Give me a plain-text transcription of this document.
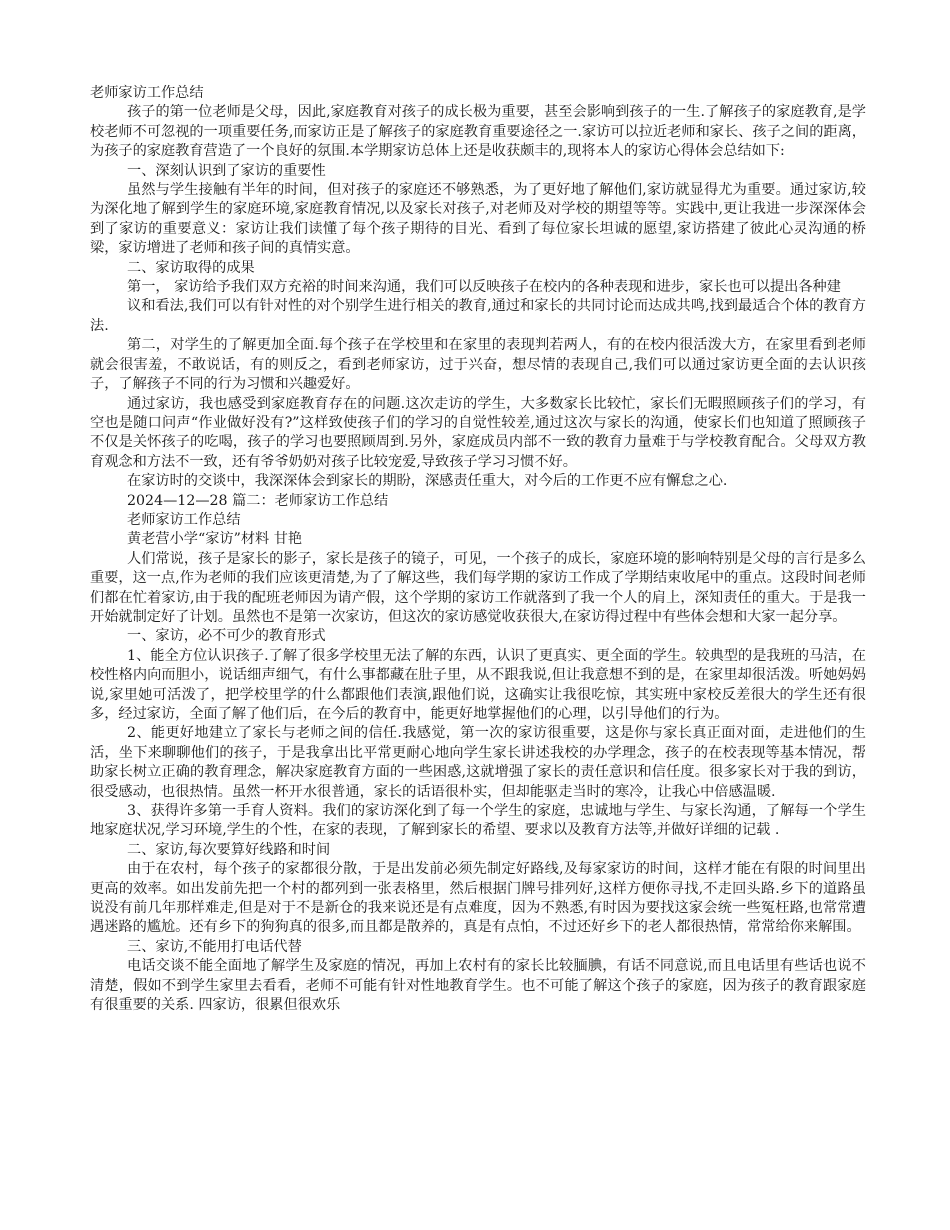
老师家访工作总结

孩子的第一位老师是父母，因此,家庭教育对孩子的成长极为重要，甚至会影响到孩子的一生.了解孩子的家庭教育,是学校老师不可忽视的一项重要任务,而家访正是了解孩子的家庭教育重要途径之一.家访可以拉近老师和家长、孩子之间的距离，为孩子的家庭教育营造了一个良好的氛围.本学期家访总体上还是收获颇丰的,现将本人的家访心得体会总结如下:

一、深刻认识到了家访的重要性

虽然与学生接触有半年的时间，但对孩子的家庭还不够熟悉，为了更好地了解他们,家访就显得尤为重要。通过家访,较为深化地了解到学生的家庭环境,家庭教育情况,以及家长对孩子,对老师及对学校的期望等等。实践中,更让我进一步深深体会到了家访的重要意义：家访让我们读懂了每个孩子期待的目光、看到了每位家长坦诚的愿望,家访搭建了彼此心灵沟通的桥梁，家访增进了老师和孩子间的真情实意。

二、家访取得的成果

第一， 家访给予我们双方充裕的时间来沟通，我们可以反映孩子在校内的各种表现和进步，家长也可以提出各种建

议和看法,我们可以有针对性的对个别学生进行相关的教育,通过和家长的共同讨论而达成共鸣,找到最适合个体的教育方法.

第二，对学生的了解更加全面.每个孩子在学校里和在家里的表现判若两人，有的在校内很活泼大方，在家里看到老师就会很害羞，不敢说话，有的则反之，看到老师家访，过于兴奋，想尽情的表现自己,我们可以通过家访更全面的去认识孩子，了解孩子不同的行为习惯和兴趣爱好。

通过家访，我也感受到家庭教育存在的问题.这次走访的学生，大多数家长比较忙，家长们无暇照顾孩子们的学习，有空也是随口问声“作业做好没有?”这样致使孩子们的学习的自觉性较差,通过这次与家长的沟通，使家长们也知道了照顾孩子不仅是关怀孩子的吃喝，孩子的学习也要照顾周到.另外，家庭成员内部不一致的教育力量难于与学校教育配合。父母双方教育观念和方法不一致，还有爷爷奶奶对孩子比较宠爱,导致孩子学习习惯不好。

在家访时的交谈中，我深深体会到家长的期盼，深感责任重大，对今后的工作更不应有懈怠之心.

2024—12—28 篇二：老师家访工作总结

老师家访工作总结

黄老营小学“家访”材料 甘艳

人们常说，孩子是家长的影子，家长是孩子的镜子，可见，一个孩子的成长，家庭环境的影响特别是父母的言行是多么重要，这一点,作为老师的我们应该更清楚,为了了解这些，我们每学期的家访工作成了学期结束收尾中的重点。这段时间老师们都在忙着家访,由于我的配班老师因为请产假，这个学期的家访工作就落到了我一个人的肩上，深知责任的重大。于是我一开始就制定好了计划。虽然也不是第一次家访，但这次的家访感觉收获很大,在家访得过程中有些体会想和大家一起分享。

一、家访，必不可少的教育形式

1、能全方位认识孩子.了解了很多学校里无法了解的东西，认识了更真实、更全面的学生。较典型的是我班的马洁，在校性格内向而胆小，说话细声细气，有什么事都藏在肚子里，从不跟我说,但让我意想不到的是，在家里却很活泼。听她妈妈说,家里她可活泼了，把学校里学的什么都跟他们表演,跟他们说，这确实让我很吃惊，其实班中家校反差很大的学生还有很多，经过家访，全面了解了他们后，在今后的教育中，能更好地掌握他们的心理，以引导他们的行为。

2、能更好地建立了家长与老师之间的信任.我感觉，第一次的家访很重要，这是你与家长真正面对面，走进他们的生活，坐下来聊聊他们的孩子，于是我拿出比平常更耐心地向学生家长讲述我校的办学理念，孩子的在校表现等基本情况，帮助家长树立正确的教育理念，解决家庭教育方面的一些困惑,这就增强了家长的责任意识和信任度。很多家长对于我的到访，很受感动，也很热情。虽然一杯开水很普通，家长的话语很朴实，但却能驱走当时的寒冷，让我心中倍感温暖.

3、获得许多第一手育人资料。我们的家访深化到了每一个学生的家庭，忠诚地与学生、与家长沟通，了解每一个学生地家庭状况,学习环境,学生的个性，在家的表现，了解到家长的希望、要求以及教育方法等,并做好详细的记载 .

二、家访,每次要算好线路和时间

由于在农村，每个孩子的家都很分散，于是出发前必须先制定好路线,及每家家访的时间，这样才能在有限的时间里出更高的效率。如出发前先把一个村的都列到一张表格里，然后根据门牌号排列好,这样方便你寻找,不走回头路.乡下的道路虽说没有前几年那样难走,但是对于不是新仓的我来说还是有点难度，因为不熟悉,有时因为要找这家会统一些冤枉路,也常常遭遇迷路的尴尬。还有乡下的狗狗真的很多,而且都是散养的，真是有点怕，不过还好乡下的老人都很热情，常常给你来解围。

三、家访,不能用打电话代替

电话交谈不能全面地了解学生及家庭的情况，再加上农村有的家长比较腼腆，有话不同意说,而且电话里有些话也说不清楚，假如不到学生家里去看看，老师不可能有针对性地教育学生。也不可能了解这个孩子的家庭，因为孩子的教育跟家庭有很重要的关系. 四家访，很累但很欢乐
